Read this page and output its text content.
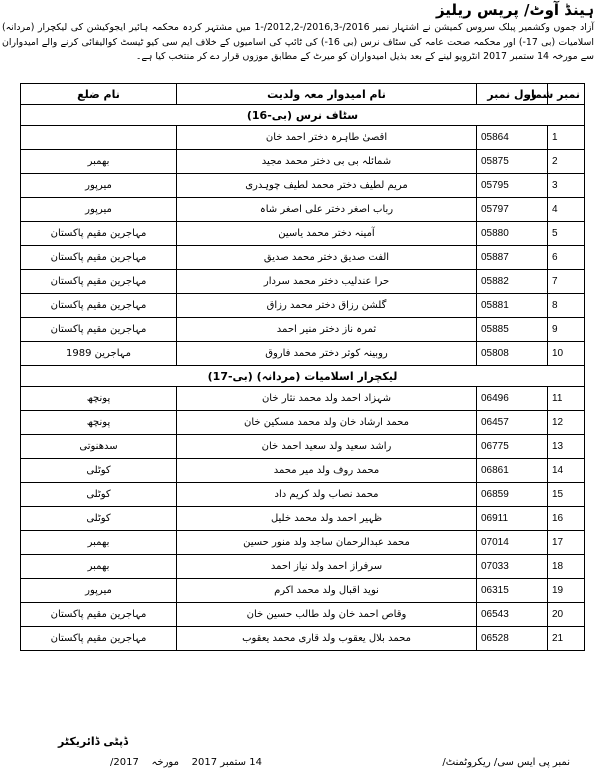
ہینڈ آوٹ/ پریس ریلیز
آزاد جموں وکشمیر پبلک سروس کمیشن نے اشتہار نمبر 2016/-2016,3/-2012,2/-1 میں مشتہر کردہ محکمہ ہائیر ایجوکیشن کی لیکچرار (مردانہ) اسلامیات (بی 17-) اور محکمہ صحت عامہ کی سٹاف نرس (بی 16-) کی ٹائپ کی اسامیوں کے خلاف ایم سی کیو ٹیسٹ کوالیفائی کرنے والے امیدواران سے مورخہ 14 ستمبر 2017 انٹرویو لینے کے بعد بذیل امیدواران کو میرٹ کے مطابق موزوں قرار دے کر منتخب کیا ہے۔
نمبر شمار	رول نمبر	نام امیدوار معہ ولدیت	نام ضلع
سٹاف نرس (بی-16)			
1	05864	اقصیٰ طاہرہ دختر احمد خان	
2	05875	شمائلہ بی بی دختر محمد مجید	بھمبر
3	05795	مریم لطیف دختر محمد لطیف چوہدری	میرپور
4	05797	رباب اصغر دختر علی اصغر شاہ	میرپور
5	05880	آمینہ دختر محمد یاسین	مہاجرین مقیم پاکستان
6	05887	الفت صدیق دختر محمد صدیق	مہاجرین مقیم پاکستان
7	05882	حرا عندلیب دختر محمد سردار	مہاجرین مقیم پاکستان
8	05881	گلشن رزاق دختر محمد رزاق	مہاجرین مقیم پاکستان
9	05885	ثمرہ ناز دختر منیر احمد	مہاجرین مقیم پاکستان
10	05808	روبینہ کوثر دختر محمد فاروق	مہاجرین 1989
لیکچرار اسلامیات (مردانہ) (بی-17)			
11	06496	شہزاد احمد ولد محمد نثار خان	پونچھ
12	06457	محمد ارشاد خان ولد محمد مسکین خان	پونچھ
13	06775	راشد سعید ولد سعید احمد خان	سدھنوتی
14	06861	محمد روف ولد میر محمد	کوٹلی
15	06859	محمد نصاب ولد کریم داد	کوٹلی
16	06911	ظہیر احمد ولد محمد خلیل	کوٹلی
17	07014	محمد عبدالرحمان ساجد ولد منور حسین	بھمبر
18	07033	سرفراز احمد ولد نیاز احمد	بھمبر
19	06315	نوید اقبال ولد محمد اکرم	میرپور
20	06543	وقاص احمد خان ولد طالب حسین خان	مہاجرین مقیم پاکستان
21	06528	محمد بلال یعقوب ولد قاری محمد یعقوب	مہاجرین مقیم پاکستان
ڈپٹی ڈائریکٹر
14 ستمبر 2017    مورخہ    2017/	نمبر پی ایس سی/ ریکروٹمنٹ/
